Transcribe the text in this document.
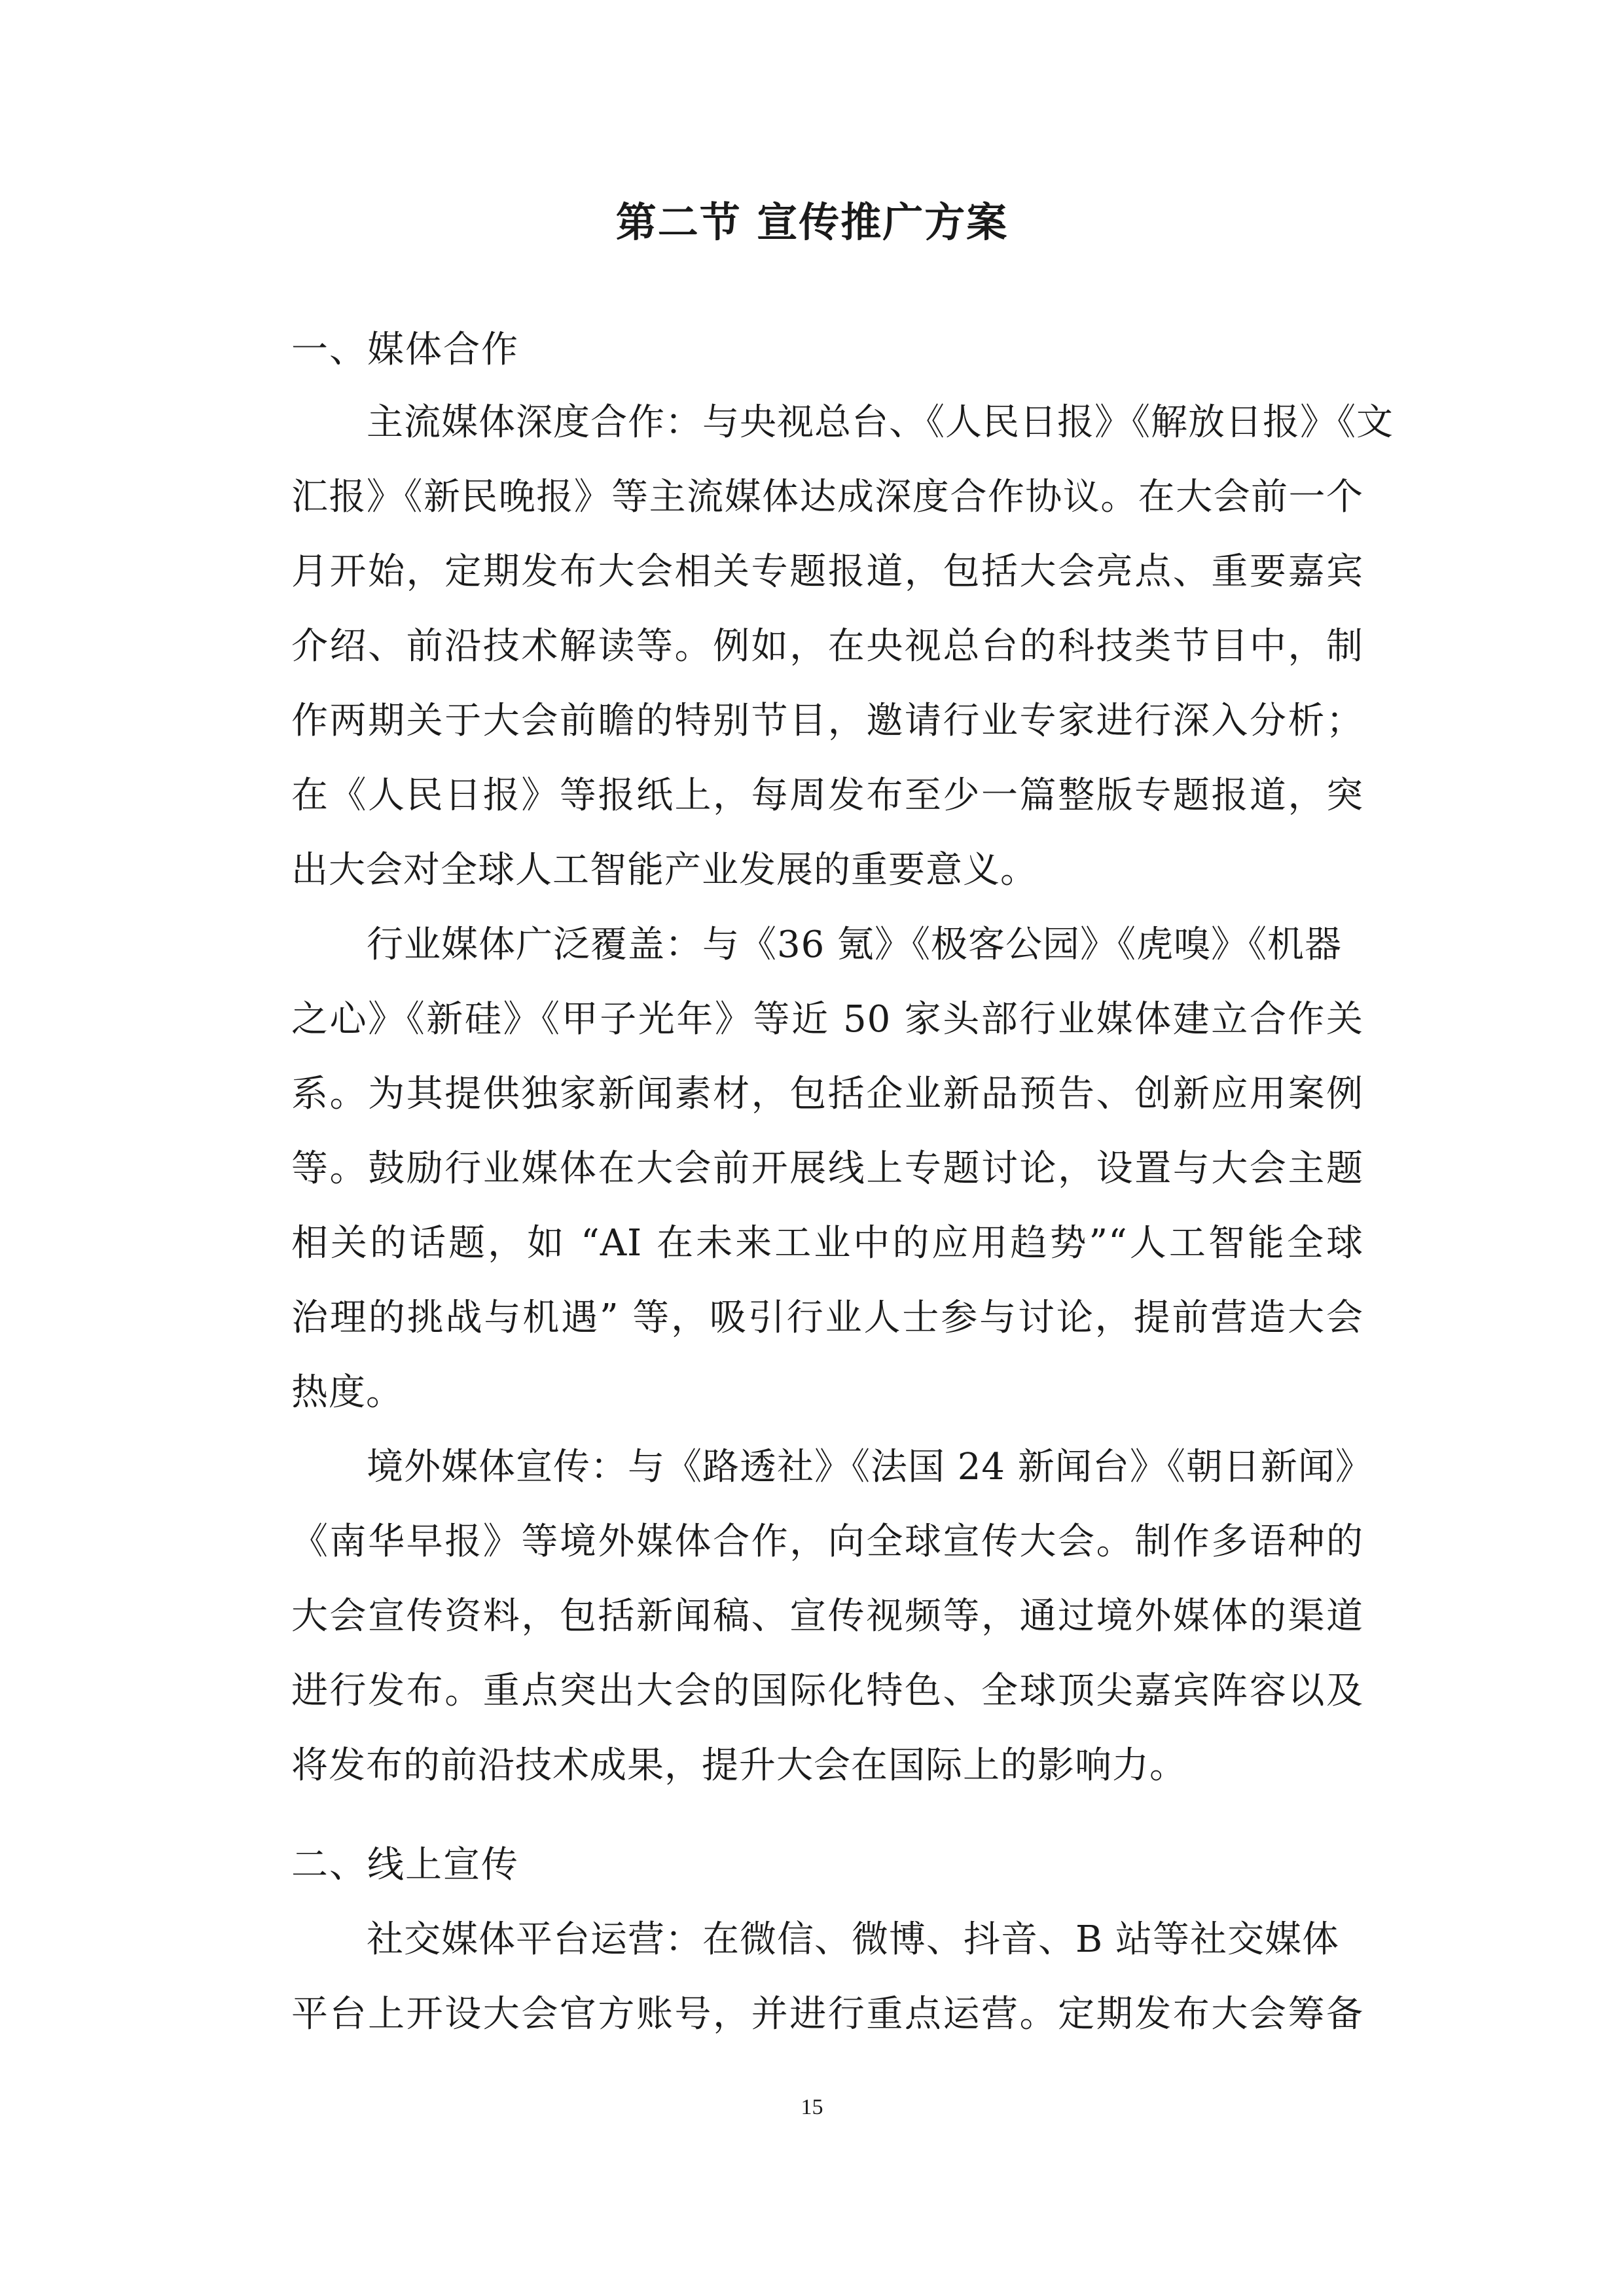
第二节 宣传推广方案

一、媒体合作

主流媒体深度合作：与央视总台、《人民日报》《解放日报》《文

汇报》《新民晚报》等主流媒体达成深度合作协议。在大会前一个

月开始，定期发布大会相关专题报道，包括大会亮点、重要嘉宾

介绍、前沿技术解读等。例如，在央视总台的科技类节目中，制

作两期关于大会前瞻的特别节目，邀请行业专家进行深入分析；

在《人民日报》等报纸上，每周发布至少一篇整版专题报道，突

出大会对全球人工智能产业发展的重要意义。

行业媒体广泛覆盖：与《36 氪》《极客公园》《虎嗅》《机器

之心》《新硅》《甲子光年》等近 50 家头部行业媒体建立合作关

系。为其提供独家新闻素材，包括企业新品预告、创新应用案例

等。鼓励行业媒体在大会前开展线上专题讨论，设置与大会主题

相关的话题，如 “AI 在未来工业中的应用趋势”“人工智能全球

治理的挑战与机遇” 等，吸引行业人士参与讨论，提前营造大会

热度。

境外媒体宣传：与《路透社》《法国 24 新闻台》《朝日新闻》

《南华早报》等境外媒体合作，向全球宣传大会。制作多语种的

大会宣传资料，包括新闻稿、宣传视频等，通过境外媒体的渠道

进行发布。重点突出大会的国际化特色、全球顶尖嘉宾阵容以及

将发布的前沿技术成果，提升大会在国际上的影响力。

二、线上宣传

社交媒体平台运营：在微信、微博、抖音、B 站等社交媒体

平台上开设大会官方账号，并进行重点运营。定期发布大会筹备

15
